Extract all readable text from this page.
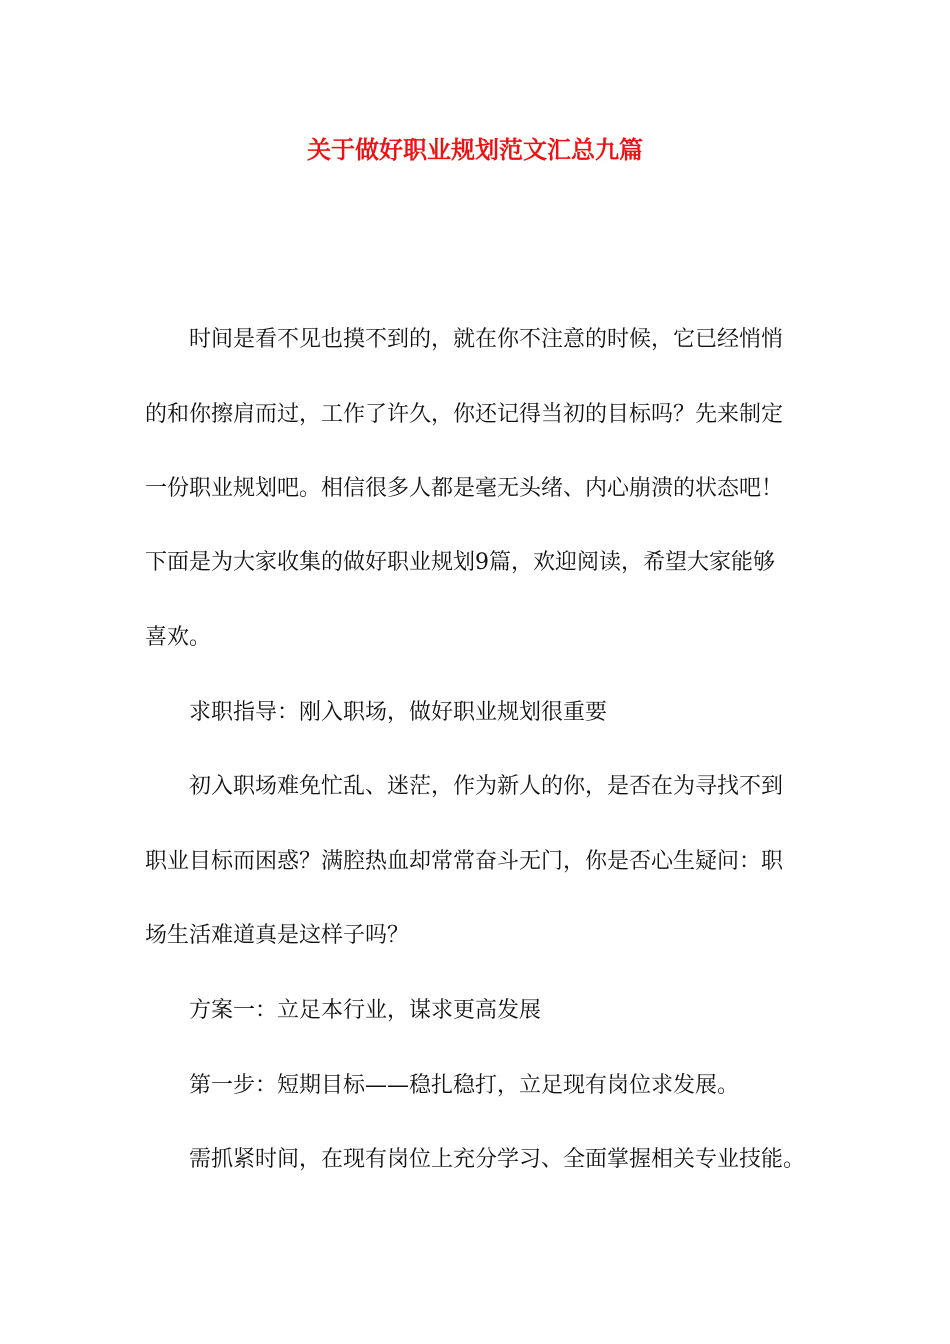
关于做好职业规划范文汇总九篇

时间是看不见也摸不到的，就在你不注意的时候，它已经悄悄

的和你擦肩而过，工作了许久，你还记得当初的目标吗？先来制定

一份职业规划吧。相信很多人都是毫无头绪、内心崩溃的状态吧！

下面是为大家收集的做好职业规划9篇，欢迎阅读，希望大家能够

喜欢。

求职指导：刚入职场，做好职业规划很重要

初入职场难免忙乱、迷茫，作为新人的你，是否在为寻找不到

职业目标而困惑？满腔热血却常常奋斗无门，你是否心生疑问：职

场生活难道真是这样子吗？

方案一：立足本行业，谋求更高发展

第一步：短期目标——稳扎稳打，立足现有岗位求发展。

需抓紧时间，在现有岗位上充分学习、全面掌握相关专业技能。
